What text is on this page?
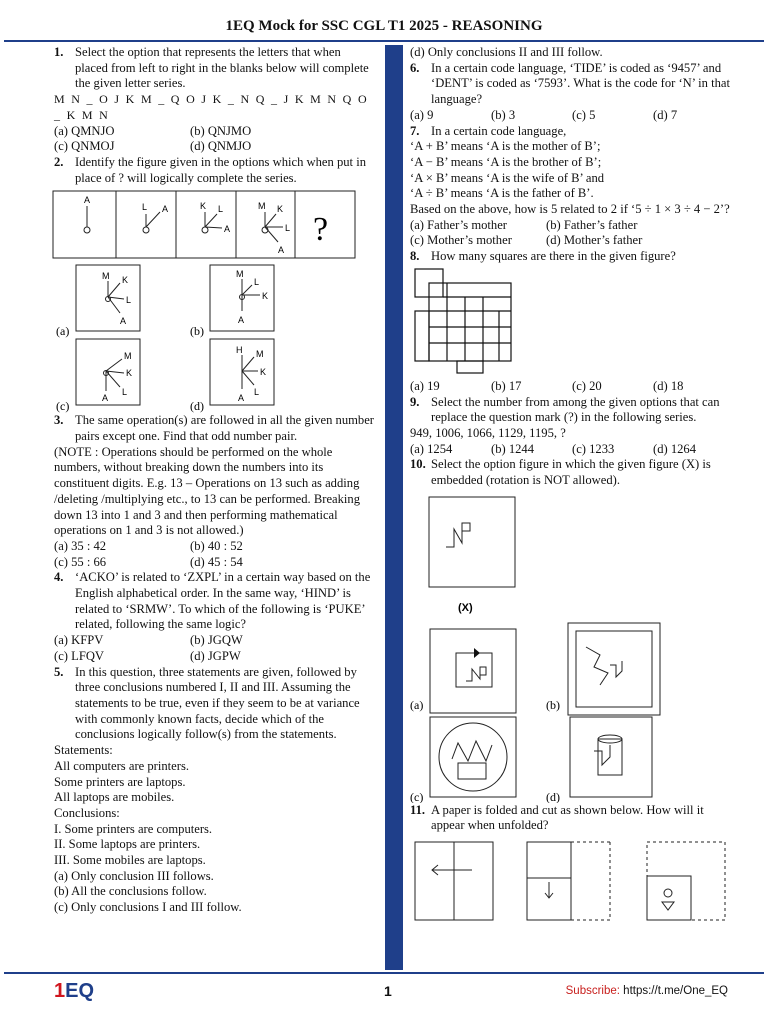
1EQ Mock for SSC CGL T1 2025 - REASONING
1. Select the option that represents the letters that when placed from left to right in the blanks below will complete the given letter series.
M N _ O J K M _ Q O J K _ N Q _ J K M N Q O _ K M N
(a) QMNJO	(b) QNJMO
(c) QNMOJ	(d) QNMJO
2. Identify the figure given in the options which when put in place of ? will logically complete the series.
A
L A	K L
A
M K
L
A
?
(a)
M K
L
A
(b)
M
K
L
A
(c)
M
K
L
A
(d)
H M
K
L
A
3. The same operation(s) are followed in all the given number pairs except one. Find that odd number pair.
(NOTE : Operations should be performed on the whole numbers, without breaking down the numbers into its constituent digits. E.g. 13 – Operations on 13 such as adding /deleting /multiplying etc., to 13 can be performed. Breaking down 13 into 1 and 3 and then performing mathematical operations on 1 and 3 is not allowed.)
(a) 35 : 42	(b) 40 : 52
(c) 55 : 66	(d) 45 : 54
4. ‘ACKO’ is related to ‘ZXPL’ in a certain way based on the English alphabetical order. In the same way, ‘HIND’ is related to ‘SRMW’. To which of the following is ‘PUKE’ related, following the same logic?
(a) KFPV	(b) JGQW
(c) LFQV	(d) JGPW
5. In this question, three statements are given, followed by three conclusions numbered I, II and III. Assuming the statements to be true, even if they seem to be at variance with commonly known facts, decide which of the conclusions logically follow(s) from the statements.
Statements:
All computers are printers.
Some printers are laptops.
All laptops are mobiles.
Conclusions:
I. Some printers are computers.
II. Some laptops are printers.
III. Some mobiles are laptops.
(a) Only conclusion III follows.
(b) All the conclusions follow.
(c) Only conclusions I and III follow.
(d) Only conclusions II and III follow.
6. In a certain code language, ‘TIDE’ is coded as ‘9457’ and ‘DENT’ is coded as ‘7593’. What is the code for ‘N’ in that language?
(a) 9	(b) 3	(c) 5	(d) 7
7. In a certain code language,
‘A + B’ means ‘A is the mother of B’;
‘A − B’ means ‘A is the brother of B’;
‘A × B’ means ‘A is the wife of B’ and
‘A ÷ B’ means ‘A is the father of B’.
Based on the above, how is 5 related to 2 if ‘5 ÷ 1 × 3 ÷ 4 − 2’?
(a) Father’s mother	(b) Father’s father
(c) Mother’s mother	(d) Mother’s father
8. How many squares are there in the given figure?
(a) 19	(b) 17	(c) 20	(d) 18
9. Select the number from among the given options that can replace the question mark (?) in the following series.
949, 1006, 1066, 1129, 1195, ?
(a) 1254	(b) 1244	(c) 1233	(d) 1264
10. Select the option figure in which the given figure (X) is embedded (rotation is NOT allowed).
(X)
(a)	(b)
(c)	(d)
11. A paper is folded and cut as shown below. How will it appear when unfolded?
1EQ	1	Subscribe: https://t.me/One_EQ
